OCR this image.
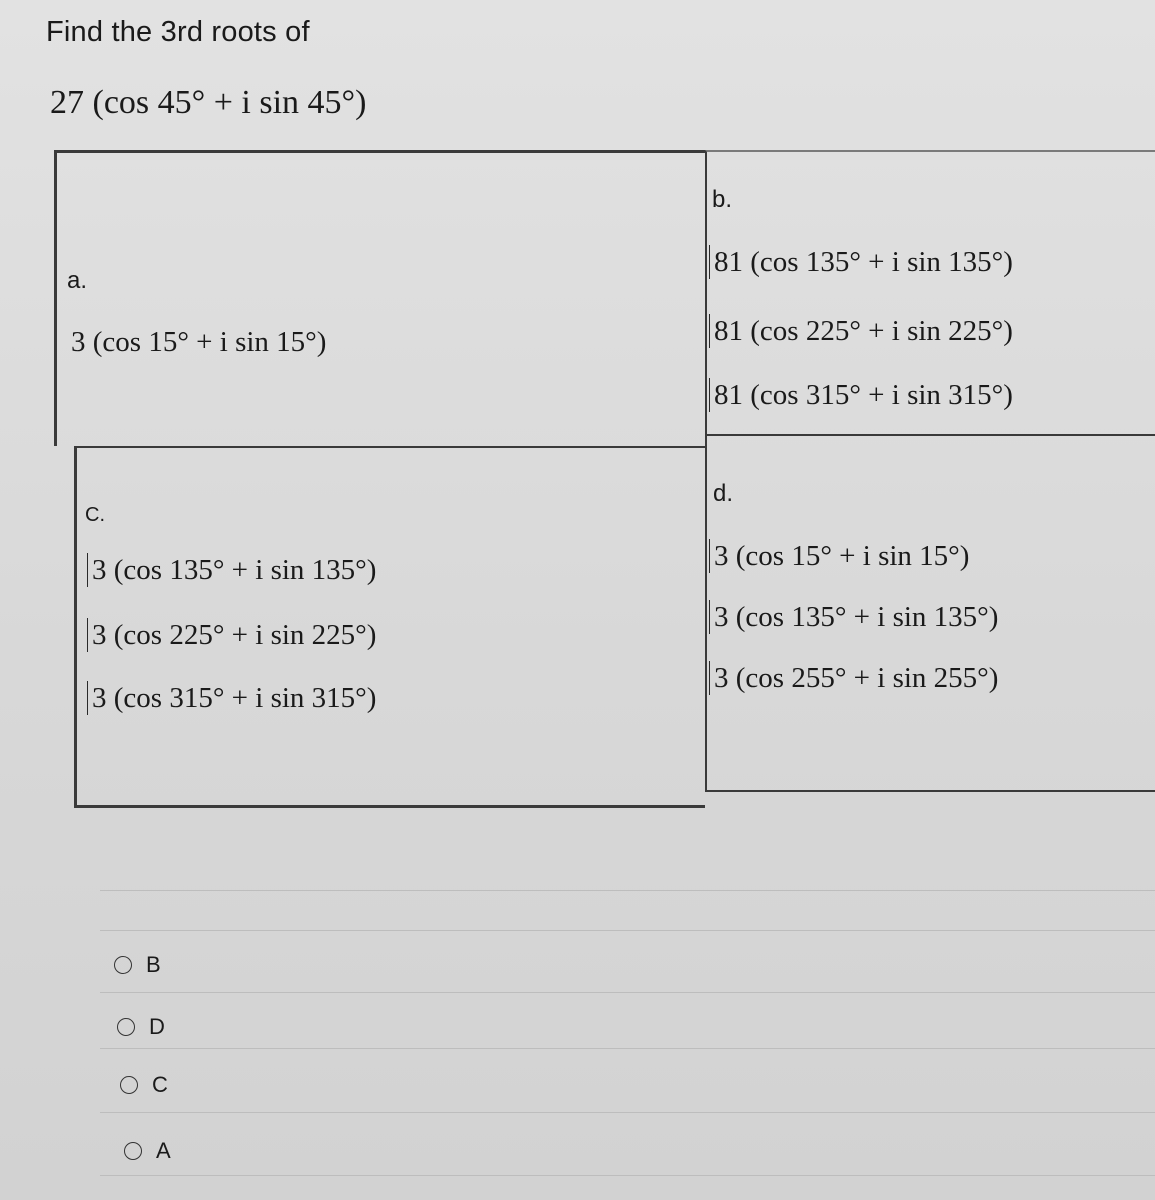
Find the 3rd roots of
27 (cos 45° + i sin 45°)
a.
3 (cos 15° + i sin 15°)
b.
81 (cos 135° + i sin 135°)
81 (cos 225° + i sin 225°)
81 (cos 315° + i sin 315°)
C.
3 (cos 135° + i sin 135°)
3 (cos 225° + i sin 225°)
3 (cos 315° + i sin 315°)
d.
3 (cos 15° + i sin 15°)
3 (cos 135° + i sin 135°)
3 (cos 255° + i sin 255°)
B
D
C
A
